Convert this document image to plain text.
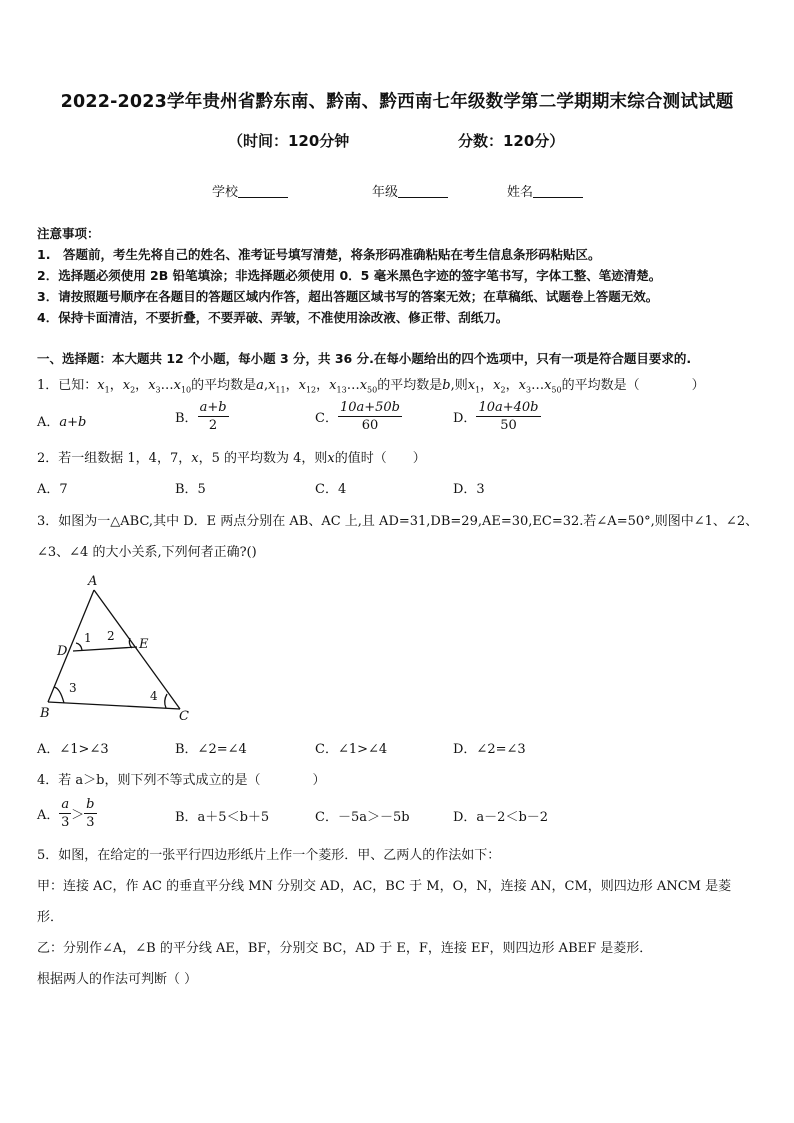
2022-2023学年贵州省黔东南、黔南、黔西南七年级数学第二学期期末综合测试试题
（时间：120分钟	分数：120分）
学校	年级	姓名
注意事项：
1.　答题前，考生先将自己的姓名、准考证号填写清楚，将条形码准确粘贴在考生信息条形码粘贴区。
2．选择题必须使用 2B 铅笔填涂；非选择题必须使用 0．5 毫米黑色字迹的签字笔书写，字体工整、笔迹清楚。
3．请按照题号顺序在各题目的答题区域内作答，超出答题区域书写的答案无效；在草稿纸、试题卷上答题无效。
4．保持卡面清洁，不要折叠，不要弄破、弄皱，不准使用涂改液、修正带、刮纸刀。
一、选择题：本大题共 12 个小题，每小题 3 分，共 36 分.在每小题给出的四个选项中，只有一项是符合题目要求的.
1．已知：$x_1$，$x_2$，$x_3\dots x_{10}$的平均数是$a,x_{11}$，$x_{12}$，$x_{13}\dots x_{50}$的平均数是b,则$x_1$，$x_2$，$x_3\dots x_{50}$的平均数是（　　　　）
A．a+b	B． $\frac{a+b}{2}$	C． $\frac{10a+50b}{60}$	D． $\frac{10a+40b}{50}$
2．若一组数据 1，4，7，x，5 的平均数为 4，则x的值时（　　）
A．7	B．5	C．4	D．3
3．如图为一△ABC,其中 D．E 两点分别在 AB、AC 上,且 AD=31,DB=29,AE=30,EC=32.若∠A=50°,则图中∠1、∠2、
∠3、∠4 的大小关系,下列何者正确?()
A
B	C
D	E
1 2
3
4
A．∠1>∠3	B．∠2=∠4	C．∠1>∠4	D．∠2=∠3
4．若 a＞b，则下列不等式成立的是（　　　　）
A． $\frac{a}{3} > \frac{b}{3}$	B．a＋5＜b＋5	C．－5a＞－5b	D．a－2＜b－2
5．如图，在给定的一张平行四边形纸片上作一个菱形．甲、乙两人的作法如下：
甲：连接 AC，作 AC 的垂直平分线 MN 分别交 AD，AC，BC 于 M，O，N，连接 AN，CM，则四边形 ANCM 是菱
形．
乙：分别作∠A，∠B 的平分线 AE，BF，分别交 BC，AD 于 E，F，连接 EF，则四边形 ABEF 是菱形．
根据两人的作法可判断（ ）
